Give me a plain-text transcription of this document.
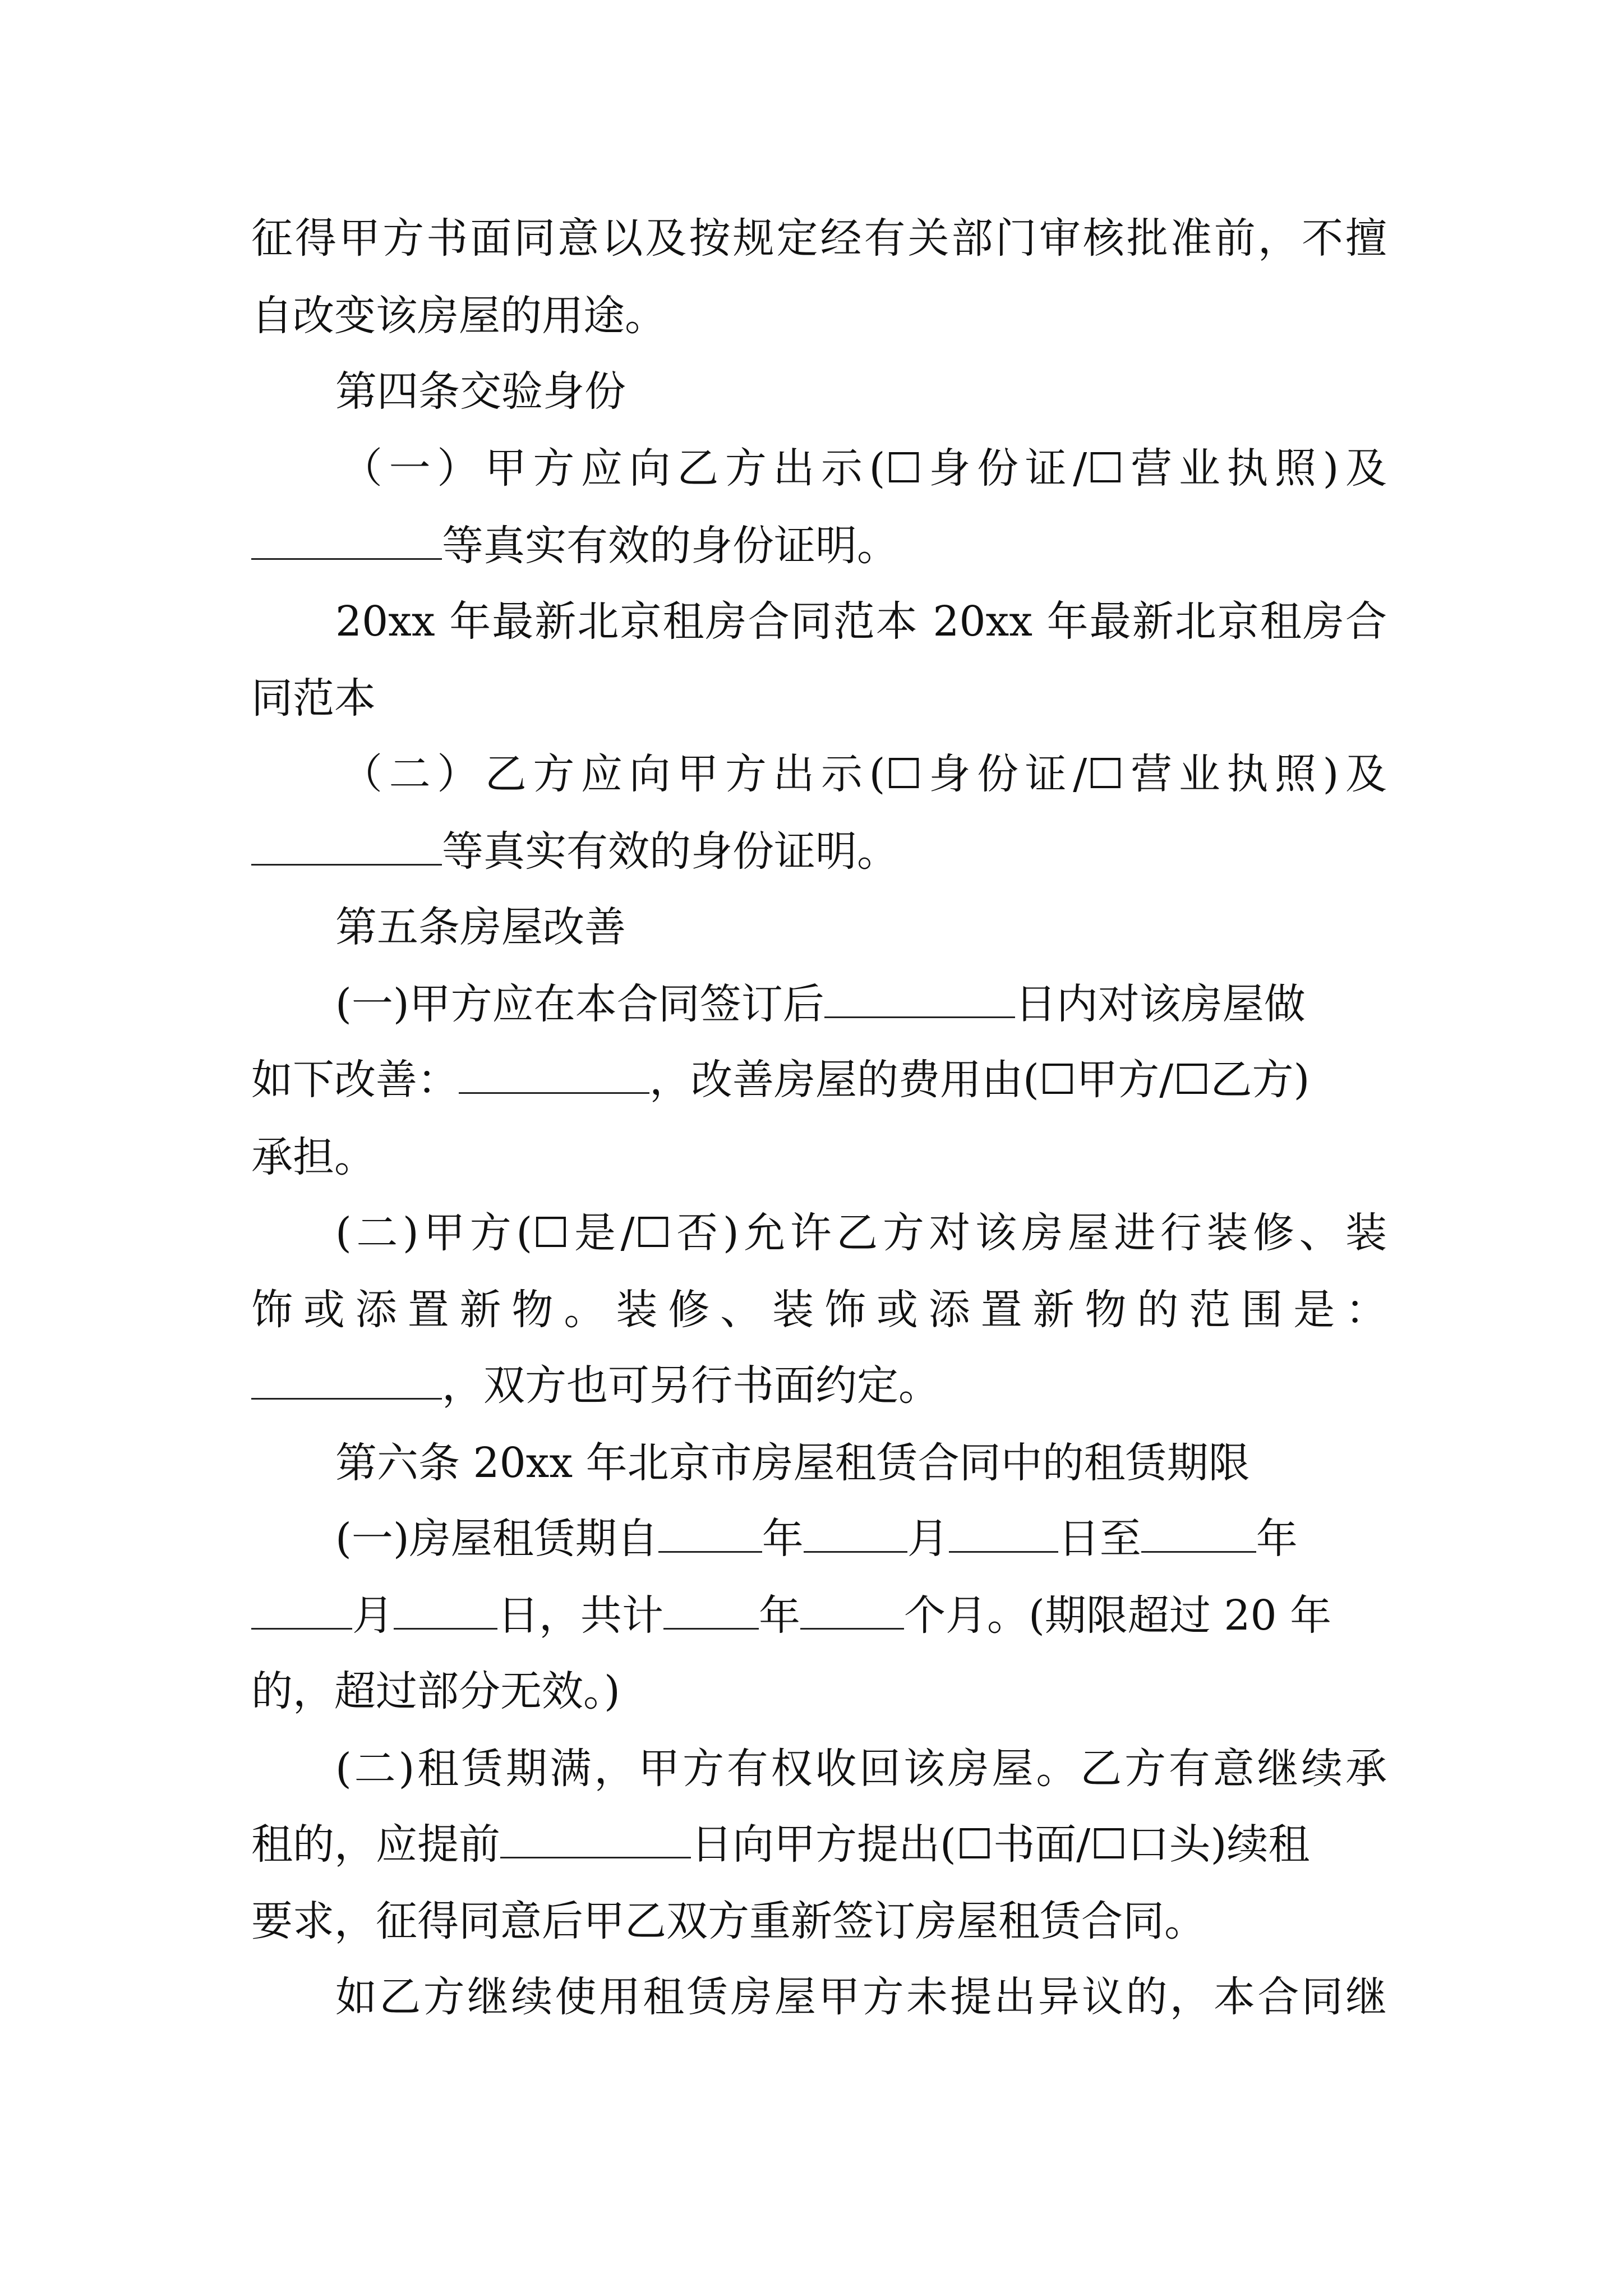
征得甲方书面同意以及按规定经有关部门审核批准前，不擅
自改变该房屋的用途。
第四条交验身份
（一）甲方应向乙方出示(☐身份证/☐营业执照)及
等真实有效的身份证明。
20xx 年最新北京租房合同范本 20xx 年最新北京租房合
同范本
（二）乙方应向甲方出示(☐身份证/☐营业执照)及
等真实有效的身份证明。
第五条房屋改善
(一)甲方应在本合同签订后	日内对该房屋做
如下改善：	，改善房屋的费用由(☐甲方/☐乙方)
承担。
(二)甲方(☐是/☐否)允许乙方对该房屋进行装修、装
饰或添置新物。装修、装饰或添置新物的范围是：
，双方也可另行书面约定。
第六条 20xx 年北京市房屋租赁合同中的租赁期限
(一)房屋租赁期自	年	月	日至	年
月	日，共计 年	个月。(期限超过 20 年
的，超过部分无效。)
(二)租赁期满，甲方有权收回该房屋。乙方有意继续承
租的，应提前	日向甲方提出(☐书面/☐口头)续租
要求，征得同意后甲乙双方重新签订房屋租赁合同。
如乙方继续使用租赁房屋甲方未提出异议的，本合同继
